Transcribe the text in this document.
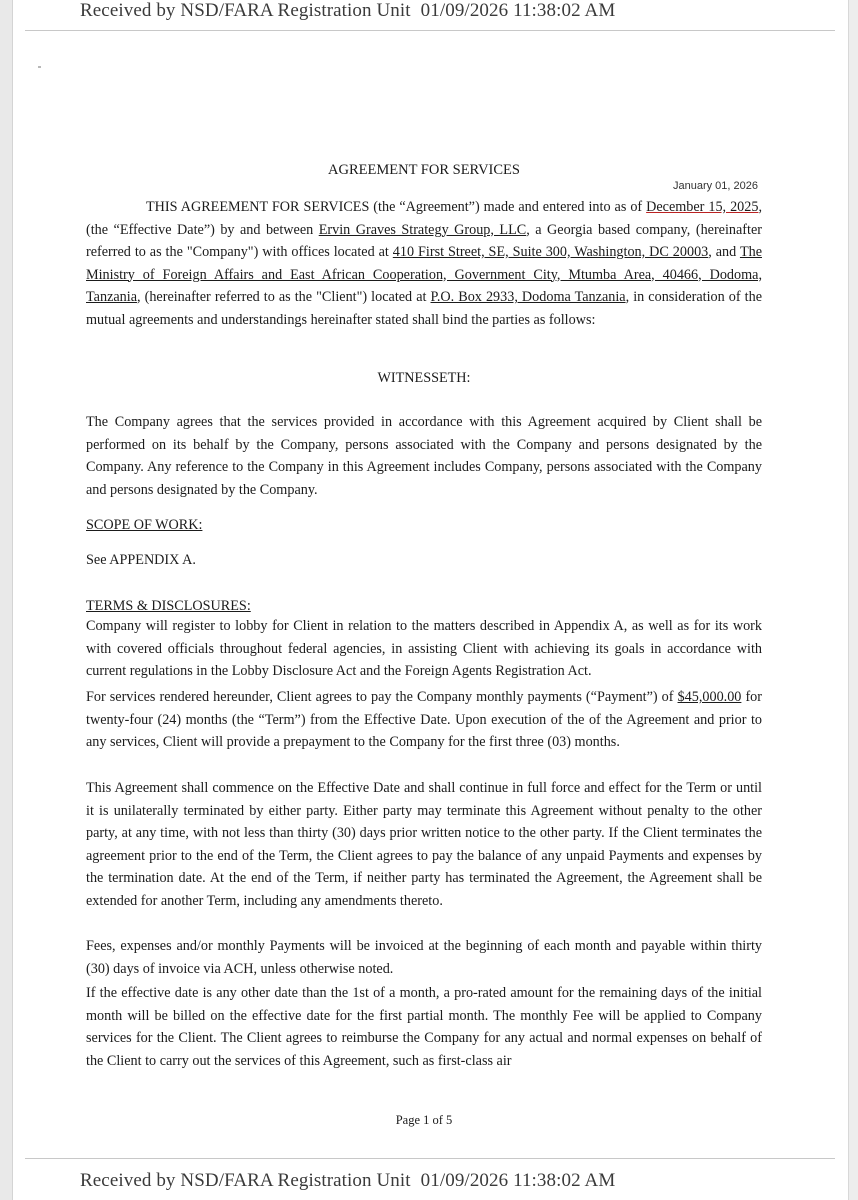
Received by NSD/FARA Registration Unit 01/09/2026 11:38:02 AM
AGREEMENT FOR SERVICES
January 01, 2026

THIS AGREEMENT FOR SERVICES (the “Agreement”) made and entered into as of December 15, 2025, (the “Effective Date”) by and between Ervin Graves Strategy Group, LLC, a Georgia based company, (hereinafter referred to as the "Company") with offices located at 410 First Street, SE, Suite 300, Washington, DC 20003, and The Ministry of Foreign Affairs and East African Cooperation, Government City, Mtumba Area, 40466, Dodoma, Tanzania, (hereinafter referred to as the "Client") located at P.O. Box 2933, Dodoma Tanzania, in consideration of the mutual agreements and understandings hereinafter stated shall bind the parties as follows:

WITNESSETH:

The Company agrees that the services provided in accordance with this Agreement acquired by Client shall be performed on its behalf by the Company, persons associated with the Company and persons designated by the Company. Any reference to the Company in this Agreement includes Company, persons associated with the Company and persons designated by the Company.

SCOPE OF WORK:
See APPENDIX A.
TERMS & DISCLOSURES:

Company will register to lobby for Client in relation to the matters described in Appendix A, as well as for its work with covered officials throughout federal agencies, in assisting Client with achieving its goals in accordance with current regulations in the Lobby Disclosure Act and the Foreign Agents Registration Act.

For services rendered hereunder, Client agrees to pay the Company monthly payments (“Payment”) of $45,000.00 for twenty-four (24) months (the “Term”) from the Effective Date. Upon execution of the of the Agreement and prior to any services, Client will provide a prepayment to the Company for the first three (03) months.

This Agreement shall commence on the Effective Date and shall continue in full force and effect for the Term or until it is unilaterally terminated by either party. Either party may terminate this Agreement without penalty to the other party, at any time, with not less than thirty (30) days prior written notice to the other party. If the Client terminates the agreement prior to the end of the Term, the Client agrees to pay the balance of any unpaid Payments and expenses by the termination date. At the end of the Term, if neither party has terminated the Agreement, the Agreement shall be extended for another Term, including any amendments thereto.

Fees, expenses and/or monthly Payments will be invoiced at the beginning of each month and payable within thirty (30) days of invoice via ACH, unless otherwise noted.

If the effective date is any other date than the 1st of a month, a pro-rated amount for the remaining days of the initial month will be billed on the effective date for the first partial month. The monthly Fee will be applied to Company services for the Client. The Client agrees to reimburse the Company for any actual and normal expenses on behalf of the Client to carry out the services of this Agreement, such as first-class air

Page 1 of 5
Received by NSD/FARA Registration Unit 01/09/2026 11:38:02 AM
